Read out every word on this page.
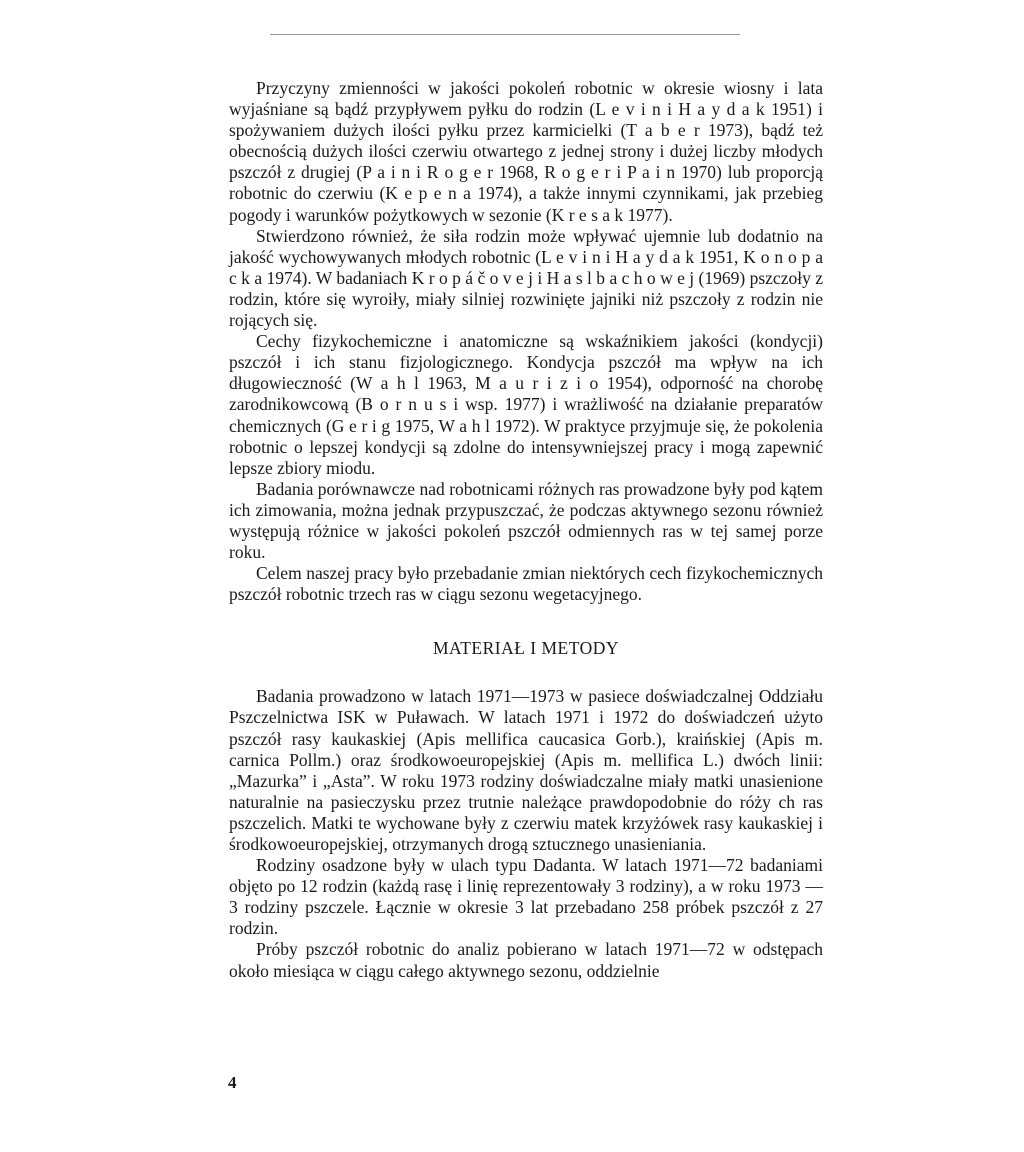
Przyczyny zmienności w jakości pokoleń robotnic w okresie wiosny i lata wyjaśniane są bądź przypływem pyłku do rodzin (L e v i n i H a y d a k 1951) i spożywaniem dużych ilości pyłku przez karmicielki (T a b e r 1973), bądź też obecnością dużych ilości czerwiu otwartego z jednej strony i dużej liczby młodych pszczół z drugiej (P a i n i R o g e r 1968, R o g e r i P a i n 1970) lub proporcją robotnic do czerwiu (K e p e n a 1974), a także innymi czynnikami, jak przebieg pogody i warunków pożytkowych w sezonie (K r e s a k 1977).

Stwierdzono również, że siła rodzin może wpływać ujemnie lub dodatnio na jakość wychowywanych młodych robotnic (L e v i n i H a y d a k 1951, K o n o p a c k a 1974). W badaniach K r o p á č o v e j i H a s l b a c h o w e j (1969) pszczoły z rodzin, które się wyroiły, miały silniej rozwinięte jajniki niż pszczoły z rodzin nie rojących się.

Cechy fizykochemiczne i anatomiczne są wskaźnikiem jakości (kondycji) pszczół i ich stanu fizjologicznego. Kondycja pszczół ma wpływ na ich długowieczność (W a h l 1963, M a u r i z i o 1954), odporność na chorobę zarodnikowcową (B o r n u s i wsp. 1977) i wrażliwość na działanie preparatów chemicznych (G e r i g 1975, W a h l 1972). W praktyce przyjmuje się, że pokolenia robotnic o lepszej kondycji są zdolne do intensywniejszej pracy i mogą zapewnić lepsze zbiory miodu.

Badania porównawcze nad robotnicami różnych ras prowadzone były pod kątem ich zimowania, można jednak przypuszczać, że podczas aktywnego sezonu również występują różnice w jakości pokoleń pszczół odmiennych ras w tej samej porze roku.

Celem naszej pracy było przebadanie zmian niektórych cech fizykochemicznych pszczół robotnic trzech ras w ciągu sezonu wegetacyjnego.

MATERIAŁ I METODY

Badania prowadzono w latach 1971—1973 w pasiece doświadczalnej Oddziału Pszczelnictwa ISK w Puławach. W latach 1971 i 1972 do doświadczeń użyto pszczół rasy kaukaskiej (Apis mellifica caucasica Gorb.), kraińskiej (Apis m. carnica Pollm.) oraz środkowoeuropejskiej (Apis m. mellifica L.) dwóch linii: „Mazurka” i „Asta”. W roku 1973 rodziny doświadczalne miały matki unasienione naturalnie na pasieczysku przez trutnie należące prawdopodobnie do róży ch ras pszczelich. Matki te wychowane były z czerwiu matek krzyżówek rasy kaukaskiej i środkowoeuropejskiej, otrzymanych drogą sztucznego unasieniania.

Rodziny osadzone były w ulach typu Dadanta. W latach 1971—72 badaniami objęto po 12 rodzin (każdą rasę i linię reprezentowały 3 rodziny), a w roku 1973 — 3 rodziny pszczele. Łącznie w okresie 3 lat przebadano 258 próbek pszczół z 27 rodzin.

Próby pszczół robotnic do analiz pobierano w latach 1971—72 w odstępach około miesiąca w ciągu całego aktywnego sezonu, oddzielnie

4
